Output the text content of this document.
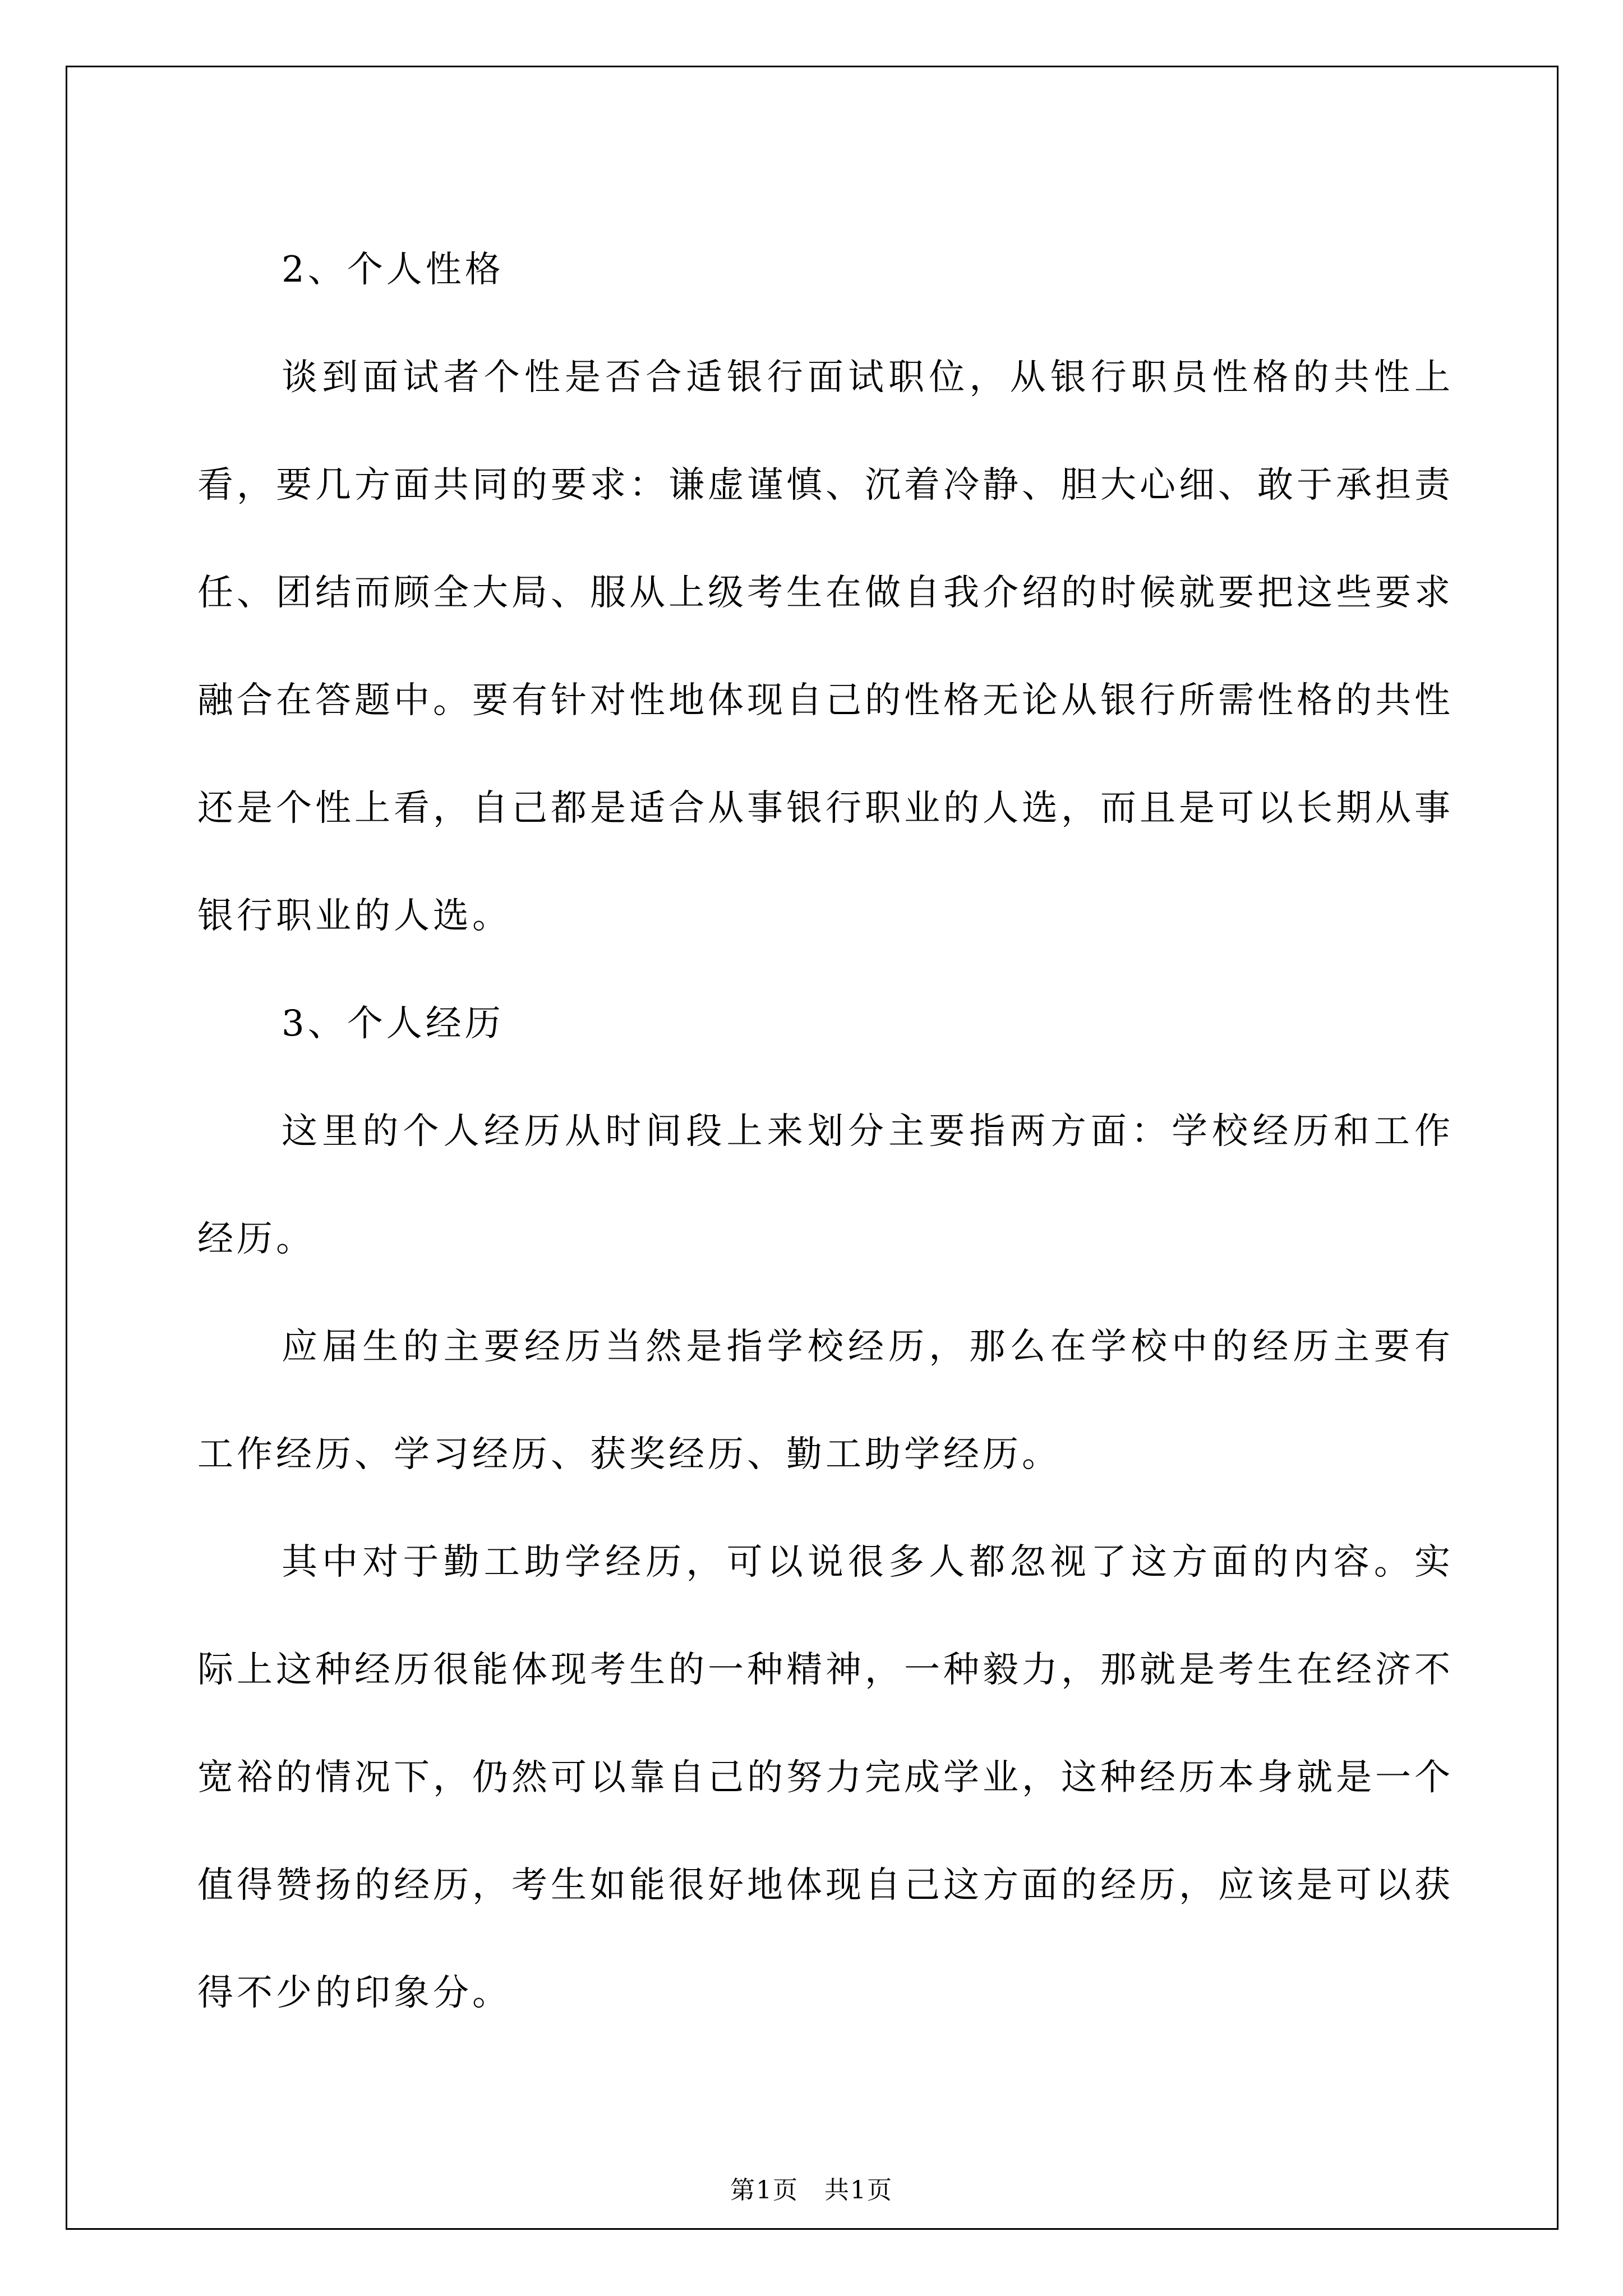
2、个人性格

谈到面试者个性是否合适银行面试职位，从银行职员性格的共性上看，要几方面共同的要求：谦虚谨慎、沉着冷静、胆大心细、敢于承担责任、团结而顾全大局、服从上级考生在做自我介绍的时候就要把这些要求融合在答题中。要有针对性地体现自己的性格无论从银行所需性格的共性还是个性上看，自己都是适合从事银行职业的人选，而且是可以长期从事银行职业的人选。

3、个人经历

这里的个人经历从时间段上来划分主要指两方面：学校经历和工作经历。

应届生的主要经历当然是指学校经历，那么在学校中的经历主要有工作经历、学习经历、获奖经历、勤工助学经历。

其中对于勤工助学经历，可以说很多人都忽视了这方面的内容。实际上这种经历很能体现考生的一种精神，一种毅力，那就是考生在经济不宽裕的情况下，仍然可以靠自己的努力完成学业，这种经历本身就是一个值得赞扬的经历，考生如能很好地体现自己这方面的经历，应该是可以获得不少的印象分。

第1页　共1页
